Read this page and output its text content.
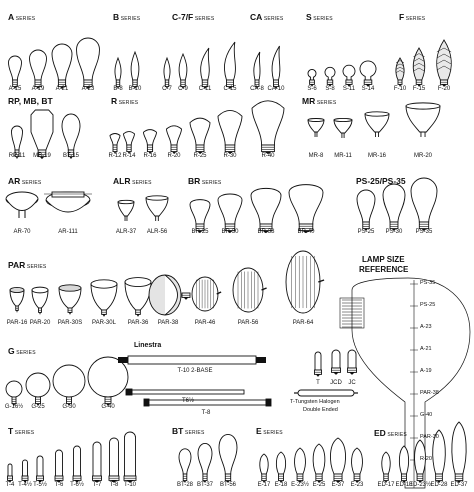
A SERIES
A-15 A-19 A-21 A-23
B SERIES
B-8 B-10
C-7/F SERIES
C-7 C-9 C-11 C-15
CA SERIES
CA-8 CA-10
S SERIES
S-6 S-8 S-11 S-14
F SERIES
F-10 F-15 F-20
RP, MB, BT
RP-11 MB-19 BT-15
R SERIES
R-12 R-14 R-16 R-20 R-25	R-30	R-40
MR SERIES
MR-8 MR-11	MR-16	MR-20
AR SERIES
AR-70	AR-111
ALR SERIES
ALR-37 ALR-56
BR SERIES
BR-25 BR-30	BR-38	BR-40
PS-25/PS-35
PS-25 PS-30 PS-35
PAR SERIES
PAR-16 PAR-20 PAR-30S PAR-30L PAR-36 PAR-38	PAR-46	PAR-56	PAR-64
LAMP SIZE
REFERENCE
PS-35
PS-25
A-23
A-21
A-19
PAR-38
G-40
PAR-30
R-20
G SERIES
G-16½ G-25	G-30	G-40
Linestra
T-10 2-BASE
T6½
T-8
T JCD JC
T-Tungsten Halogen
Double Ended
T SERIES
T-4 T-4½ T-5½ T-6 T-6½ T-7 T-8 T-10
BT SERIES
BT-28 BT-37 BT-56
E SERIES
E-17 E-18 E-23½ E-25 E-37 E-23
ED SERIES
ED-17 ED-18
ED-23½ ED-28 ED-37
